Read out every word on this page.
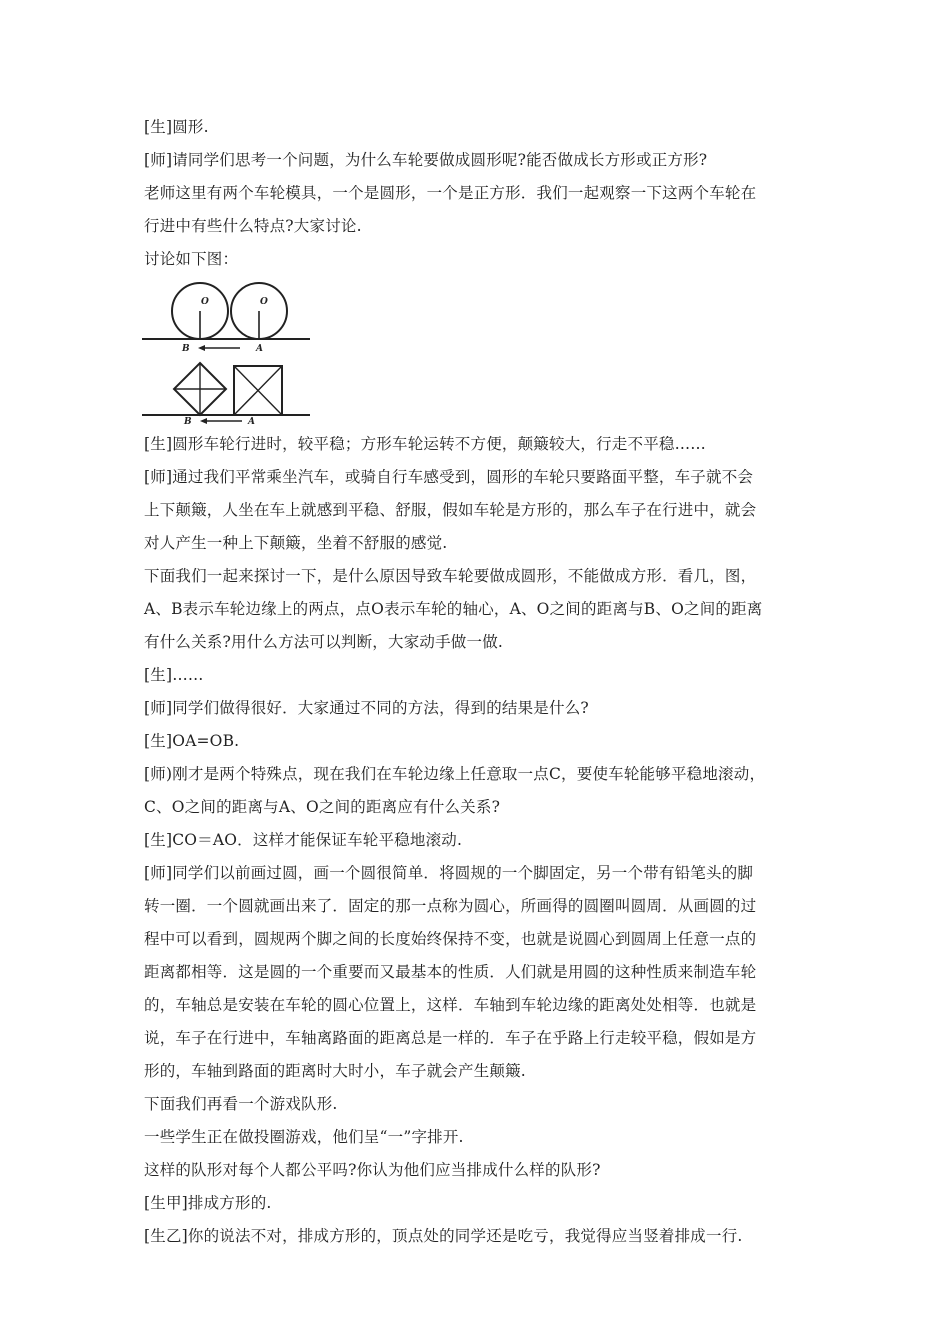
[生]圆形.
[师]请同学们思考一个问题，为什么车轮要做成圆形呢?能否做成长方形或正方形?
老师这里有两个车轮模具，一个是圆形，一个是正方形．我们一起观察一下这两个车轮在
行进中有些什么特点?大家讨论.
讨论如下图：
O	O
B	A
B	A
[生]圆形车轮行进时，较平稳；方形车轮运转不方便，颠簸较大，行走不平稳……
[师]通过我们平常乘坐汽车，或骑自行车感受到，圆形的车轮只要路面平整，车子就不会
上下颠簸，人坐在车上就感到平稳、舒服，假如车轮是方形的，那么车子在行进中，就会
对人产生一种上下颠簸，坐着不舒服的感觉.
下面我们一起来探讨一下，是什么原因导致车轮要做成圆形，不能做成方形．看几，图，
A、B表示车轮边缘上的两点，点O表示车轮的轴心，A、O之间的距离与B、O之间的距离
有什么关系?用什么方法可以判断，大家动手做一做.
[生]……
[师]同学们做得很好．大家通过不同的方法，得到的结果是什么?
[生]OA=OB.
[师)刚才是两个特殊点，现在我们在车轮边缘上任意取一点C，要使车轮能够平稳地滚动，
C、O之间的距离与A、O之间的距离应有什么关系?
[生]CO＝AO．这样才能保证车轮平稳地滚动.
[师]同学们以前画过圆，画一个圆很简单．将圆规的一个脚固定，另一个带有铅笔头的脚
转一圈．一个圆就画出来了．固定的那一点称为圆心，所画得的圆圈叫圆周．从画圆的过
程中可以看到，圆规两个脚之间的长度始终保持不变，也就是说圆心到圆周上任意一点的
距离都相等．这是圆的一个重要而又最基本的性质．人们就是用圆的这种性质来制造车轮
的，车轴总是安装在车轮的圆心位置上，这样．车轴到车轮边缘的距离处处相等．也就是
说，车子在行进中，车轴离路面的距离总是一样的．车子在乎路上行走较平稳，假如是方
形的，车轴到路面的距离时大时小，车子就会产生颠簸.
下面我们再看一个游戏队形.
一些学生正在做投圈游戏，他们呈“一”字排开.
这样的队形对每个人都公平吗?你认为他们应当排成什么样的队形?
[生甲]排成方形的.
[生乙]你的说法不对，排成方形的，顶点处的同学还是吃亏，我觉得应当竖着排成一行.
